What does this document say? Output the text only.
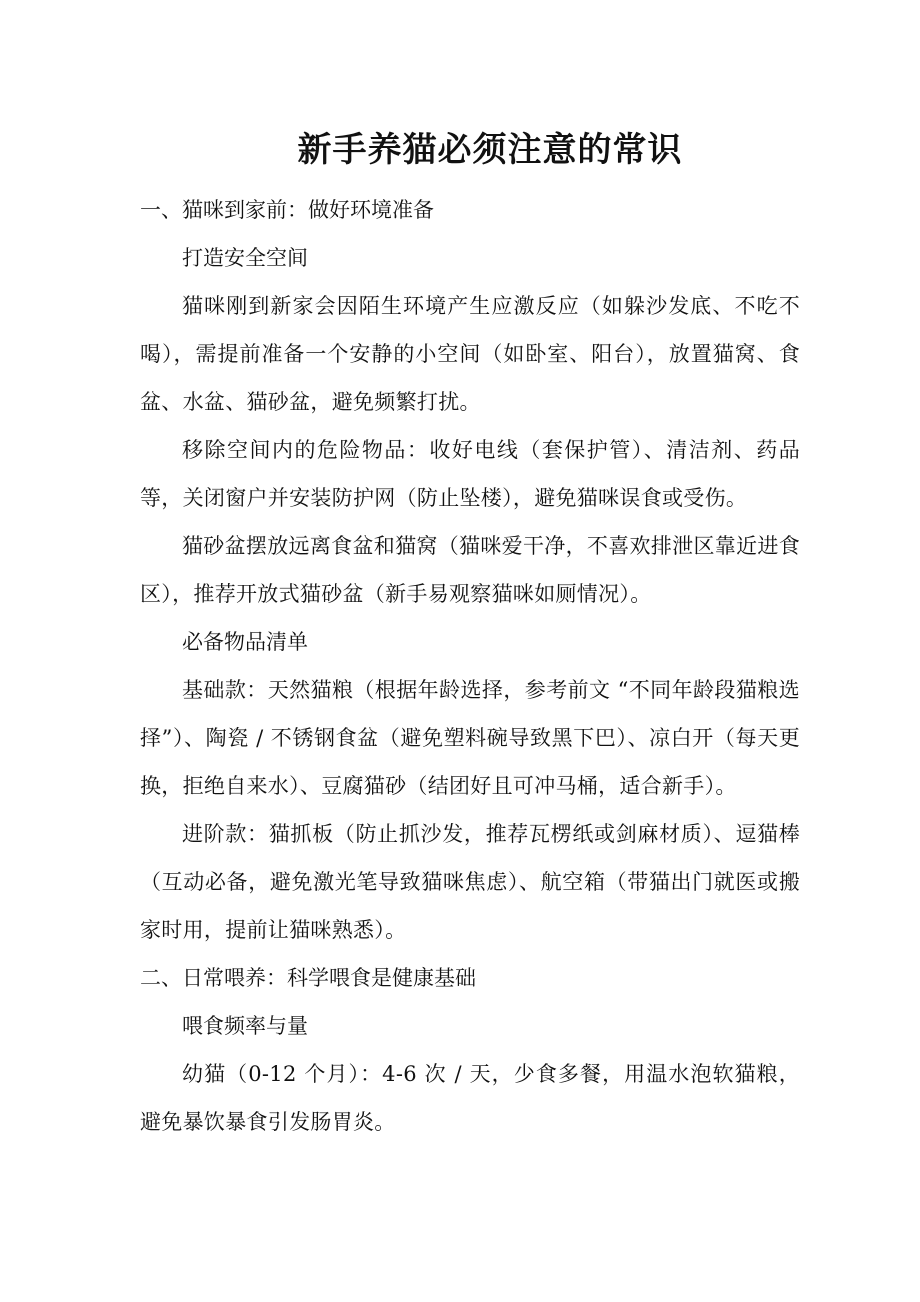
新手养猫必须注意的常识

一、猫咪到家前：做好环境准备

打造安全空间

猫咪刚到新家会因陌生环境产生应激反应（如躲沙发底、不吃不喝），需提前准备一个安静的小空间（如卧室、阳台），放置猫窝、食盆、水盆、猫砂盆，避免频繁打扰。

移除空间内的危险物品：收好电线（套保护管）、清洁剂、药品等，关闭窗户并安装防护网（防止坠楼），避免猫咪误食或受伤。

猫砂盆摆放远离食盆和猫窝（猫咪爱干净，不喜欢排泄区靠近进食区），推荐开放式猫砂盆（新手易观察猫咪如厕情况）。

必备物品清单

基础款：天然猫粮（根据年龄选择，参考前文 “不同年龄段猫粮选择”）、陶瓷 / 不锈钢食盆（避免塑料碗导致黑下巴）、凉白开（每天更换，拒绝自来水）、豆腐猫砂（结团好且可冲马桶，适合新手）。

进阶款：猫抓板（防止抓沙发，推荐瓦楞纸或剑麻材质）、逗猫棒（互动必备，避免激光笔导致猫咪焦虑）、航空箱（带猫出门就医或搬家时用，提前让猫咪熟悉）。

二、日常喂养：科学喂食是健康基础

喂食频率与量

幼猫（0-12 个月）：4-6 次 / 天，少食多餐，用温水泡软猫粮，避免暴饮暴食引发肠胃炎。
